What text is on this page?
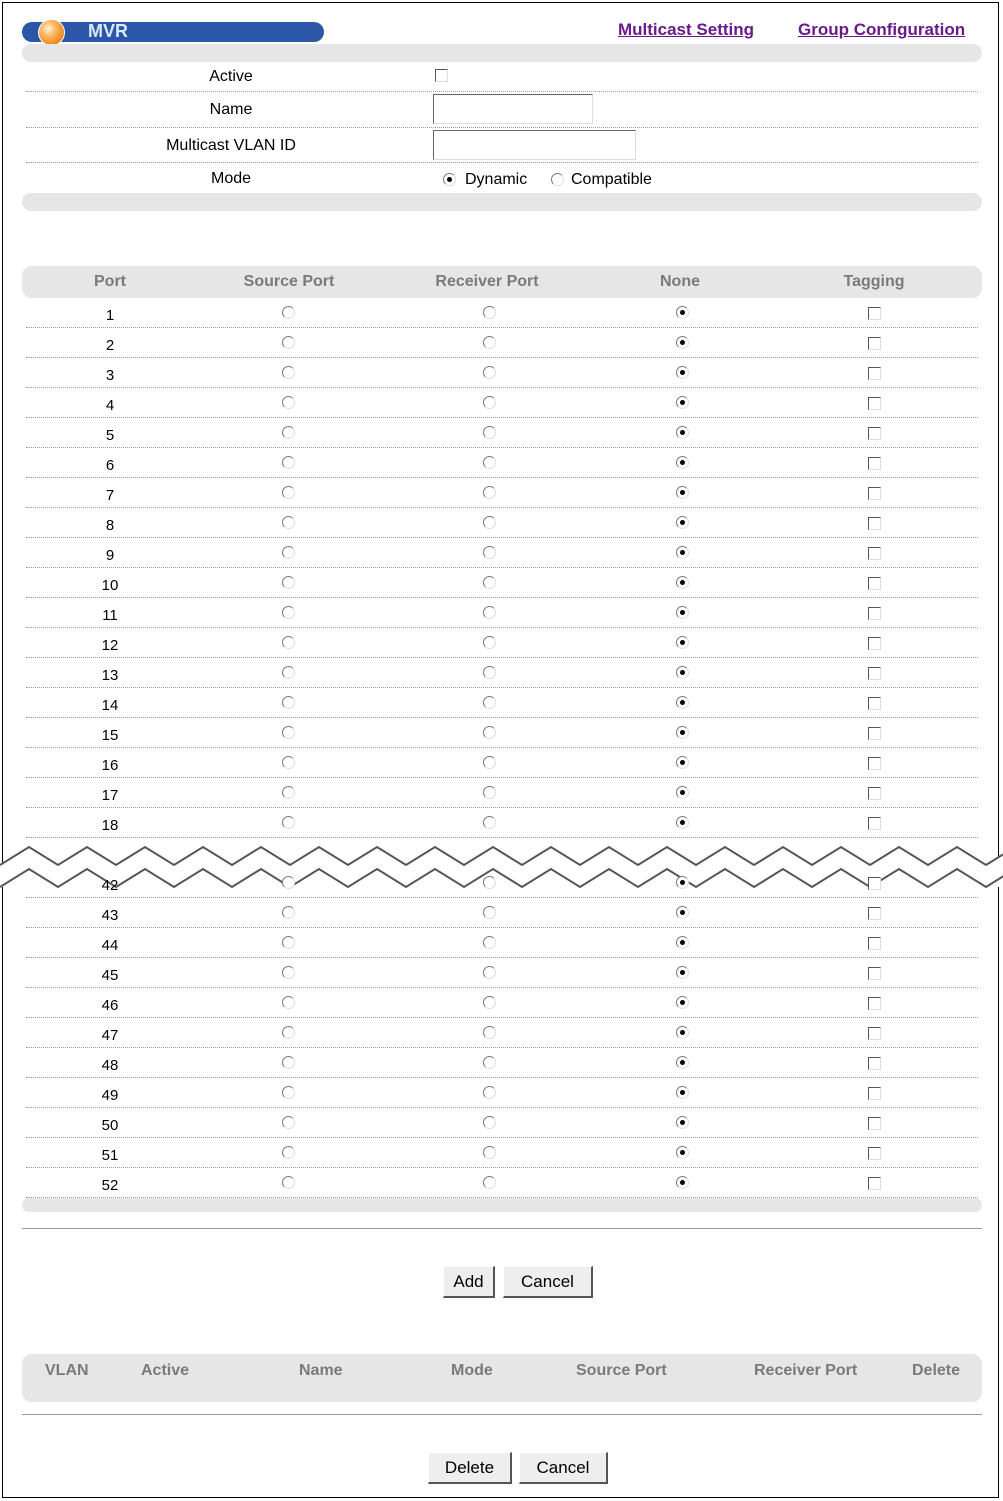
MVR	Multicast Setting	Group Configuration
Active
Name
Multicast VLAN ID
Mode	Dynamic	Compatible
Port	Source Port	Receiver Port	None	Tagging
1
2
3
4
5
6
7
8
9
10
11
12
13
14
15
16
17
18
42
43
44
45
46
47
48
49
50
51
52
Add	Cancel
VLAN	Active	Name	Mode	Source Port	Receiver Port	Delete
Delete	Cancel
